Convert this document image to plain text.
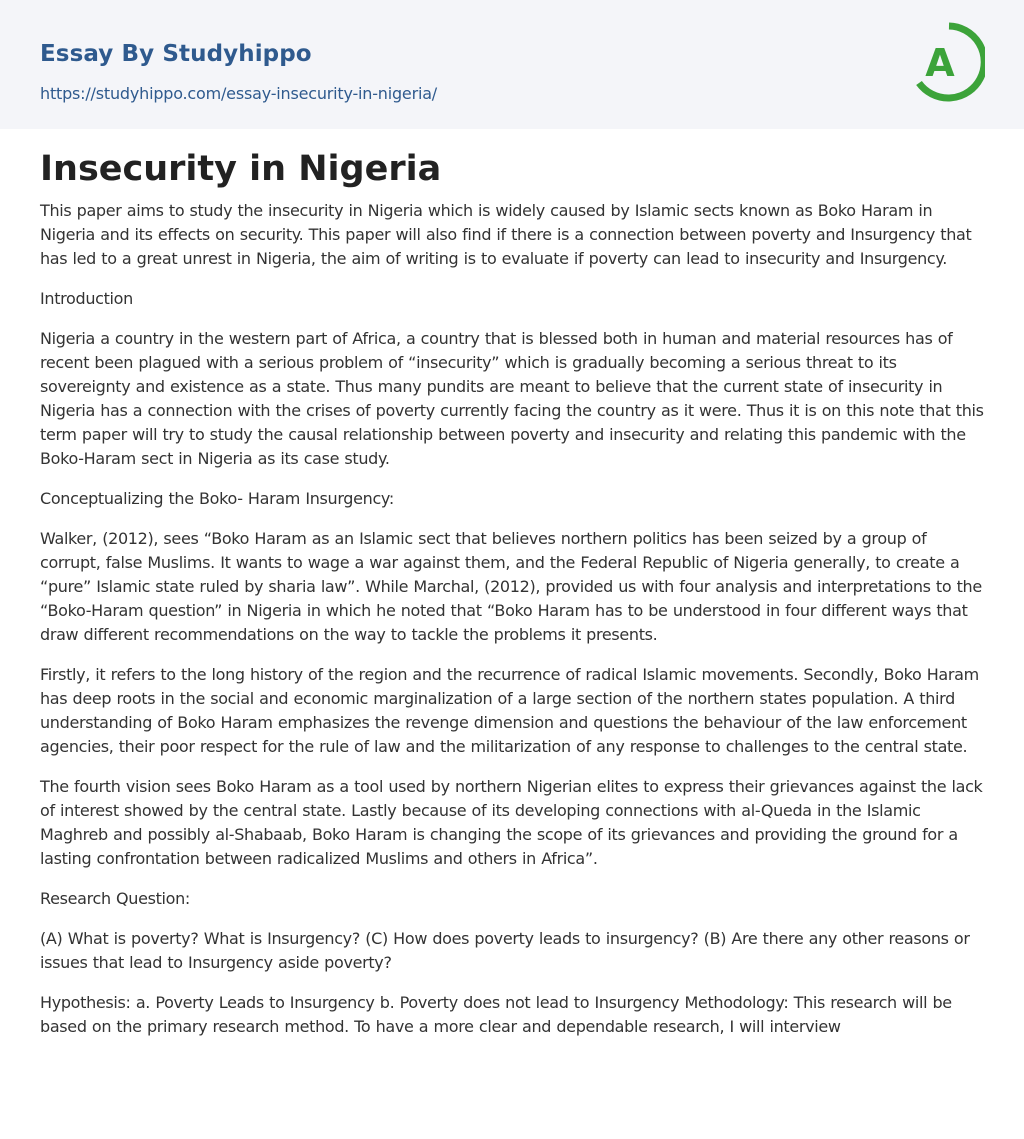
Essay By Studyhippo
https://studyhippo.com/essay-insecurity-in-nigeria/
A
Insecurity in Nigeria

This paper aims to study the insecurity in Nigeria which is widely caused by Islamic sects known as Boko Haram in Nigeria and its effects on security. This paper will also find if there is a connection between poverty and Insurgency that has led to a great unrest in Nigeria, the aim of writing is to evaluate if poverty can lead to insecurity and Insurgency.

Introduction

Nigeria a country in the western part of Africa, a country that is blessed both in human and material resources has of recent been plagued with a serious problem of “insecurity” which is gradually becoming a serious threat to its sovereignty and existence as a state. Thus many pundits are meant to believe that the current state of insecurity in Nigeria has a connection with the crises of poverty currently facing the country as it were. Thus it is on this note that this term paper will try to study the causal relationship between poverty and insecurity and relating this pandemic with the Boko-Haram sect in Nigeria as its case study.

Conceptualizing the Boko- Haram Insurgency:

Walker, (2012), sees “Boko Haram as an Islamic sect that believes northern politics has been seized by a group of corrupt, false Muslims. It wants to wage a war against them, and the Federal Republic of Nigeria generally, to create a “pure” Islamic state ruled by sharia law”. While Marchal, (2012), provided us with four analysis and interpretations to the “Boko-Haram question” in Nigeria in which he noted that “Boko Haram has to be understood in four different ways that draw different recommendations on the way to tackle the problems it presents.

Firstly, it refers to the long history of the region and the recurrence of radical Islamic movements. Secondly, Boko Haram has deep roots in the social and economic marginalization of a large section of the northern states population. A third understanding of Boko Haram emphasizes the revenge dimension and questions the behaviour of the law enforcement agencies, their poor respect for the rule of law and the militarization of any response to challenges to the central state.

The fourth vision sees Boko Haram as a tool used by northern Nigerian elites to express their grievances against the lack of interest showed by the central state. Lastly because of its developing connections with al-Queda in the Islamic Maghreb and possibly al-Shabaab, Boko Haram is changing the scope of its grievances and providing the ground for a lasting confrontation between radicalized Muslims and others in Africa”.

Research Question:

(A) What is poverty? What is Insurgency? (C) How does poverty leads to insurgency? (B) Are there any other reasons or issues that lead to Insurgency aside poverty?

Hypothesis: a. Poverty Leads to Insurgency b. Poverty does not lead to Insurgency Methodology: This research will be based on the primary research method. To have a more clear and dependable research, I will interview
